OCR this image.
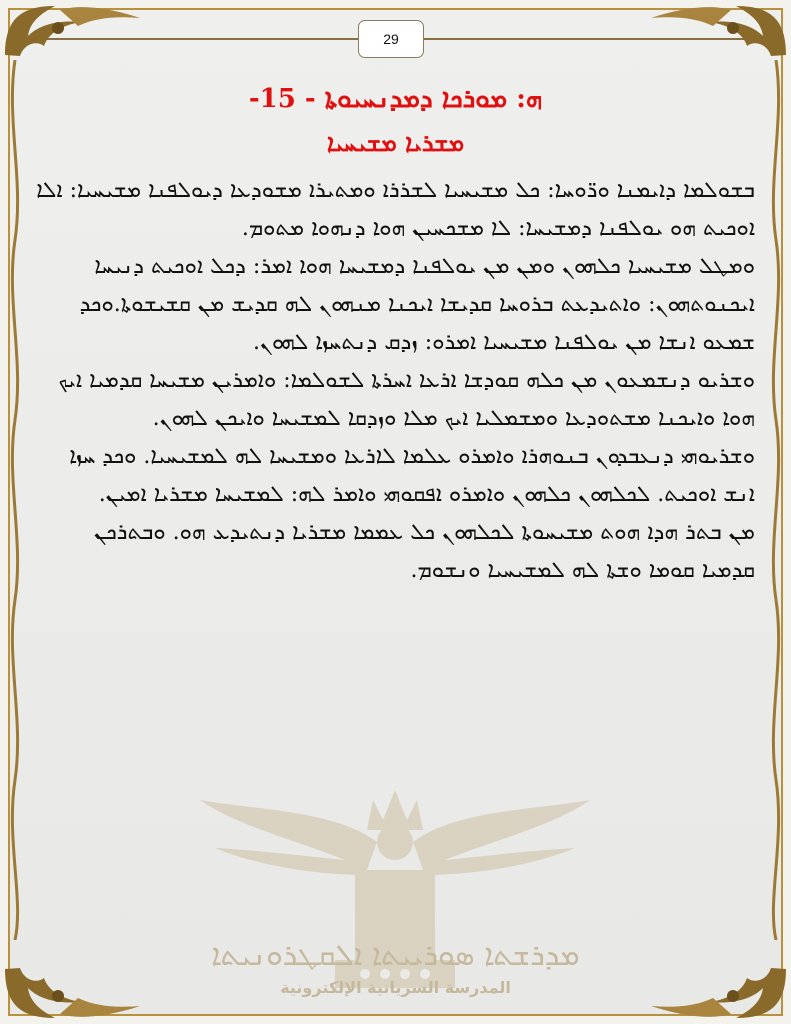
29
ܗ: ܡܘܪܟܐ ܕܡܕܢܚܝܘܬܐ - 15-
ܡܫܪܝܐ ܡܫܝܚܝܐ

ܒܫܘܠܡܐ ܕܐܝܡܢܐ ܘܪ̈ܘܚܐ: ܟܠ ܡܫܝܚܝܐ ܠܫܪܪܐ ܘܡܬܝܪܐ ܡܫܘܕܥܐ ܕܝܘܠܦܢܐ ܡܫܝܚܝܐ: ܐܠܐ ܐܘܟܝܬ ܗܘ ܝܘܠܦܢܐ ܕܡܫܝܚܐ: ܠܐ ܡܫܟܚܝܢ ܗܘܐ ܕܢܗܘܐ ܡܬܘܡ.

ܘܡܛܠ ܡܫܝܚܝܐ ܟܠܗܘܢ ܘܡܢ ܡܢ ܝܘܠܦܢܐ ܕܡܫܝܚܐ ܗܘܐ ܐܡܪ: ܕܟܠ ܐܘܟܝܬ ܕܢܝܚܐ ܐܝܟܢܘܬܗܘܢ: ܘܐܬܝܕܥܬ ܒܪܘܚܐ ܩܕܝܫܐ ܐܝܟܢܐ ܡܢܗܘܢ ܠܗ ܩܕܝܫ ܡܢ ܩܫܝܫܘܬܐ.ܘܟܕ ܫܡܥܘ ܐܢܫܐ ܡܢ ܝܘܠܦܢܐ ܡܫܝܚܝܐ ܐܡܪܘ: ܙܕܩ ܕܢܬܚܙܐ ܠܗܘܢ.

ܘܫܪܝܘ ܕܢܫܡܥܘܢ ܡܢ ܟܠܗ ܩܘܕܫܐ ܐܪܥܐ ܐܚܪܬܐ ܠܫܘܠܡܐ: ܘܐܡܪܝܢ ܡܫܝܚܐ ܩܕܡܝܐ ܐܝܟ ܗܘܐ ܘܐܝܟܢܐ ܡܫܬܘܕܥܐ ܘܡܫܡܠܝܐ ܐܝܟ ܡܠܐ ܘܙܕܩܐ ܠܡܫܝܚܐ ܘܐܝܟܢ ܠܗܘܢ.

ܘܫܪܝܘܗܝ ܕܢܥܒܕܘܢ ܒܢܘܗܪܐ ܘܐܡܪܘ ܥܠܡܐ ܠܐܪܥܐ ܘܡܫܝܚܐ ܠܗ ܠܡܫܝܚܝܐ. ܘܟܕ ܚܙܐ ܐܢܫ ܐܘܟܝܬ. ܠܟܠܗܘܢ ܟܠܗܘܢ ܘܐܡܪܘ ܐܦܩܘܗܝ ܘܐܡܪ ܠܗ: ܠܡܫܝܚܐ ܡܫܪܝܐ ܐܡܝܢ.

ܡܢ ܒܬܪ ܗܕܐ ܗܘܬ ܡܫܝܚܘܬܐ ܠܟܠܗܘܢ ܟܠ ܥܡܡܐ ܡܫܪܝܐ ܕܢܬܝܕܥ ܗܘ. ܘܒܬܪܟܢ ܩܕܡܝܐ ܩܘܡܐ ܘܫܬܐ ܠܗ ܠܡܫܝܚܝܐ ܘܢܫܘܡ.

ܡܕܪܫܬܐ ܣܘܪܝܝܬܐ ܐܠܩܛܪܘܢܝܬܐ
المدرسة السريانية الإلكترونية
